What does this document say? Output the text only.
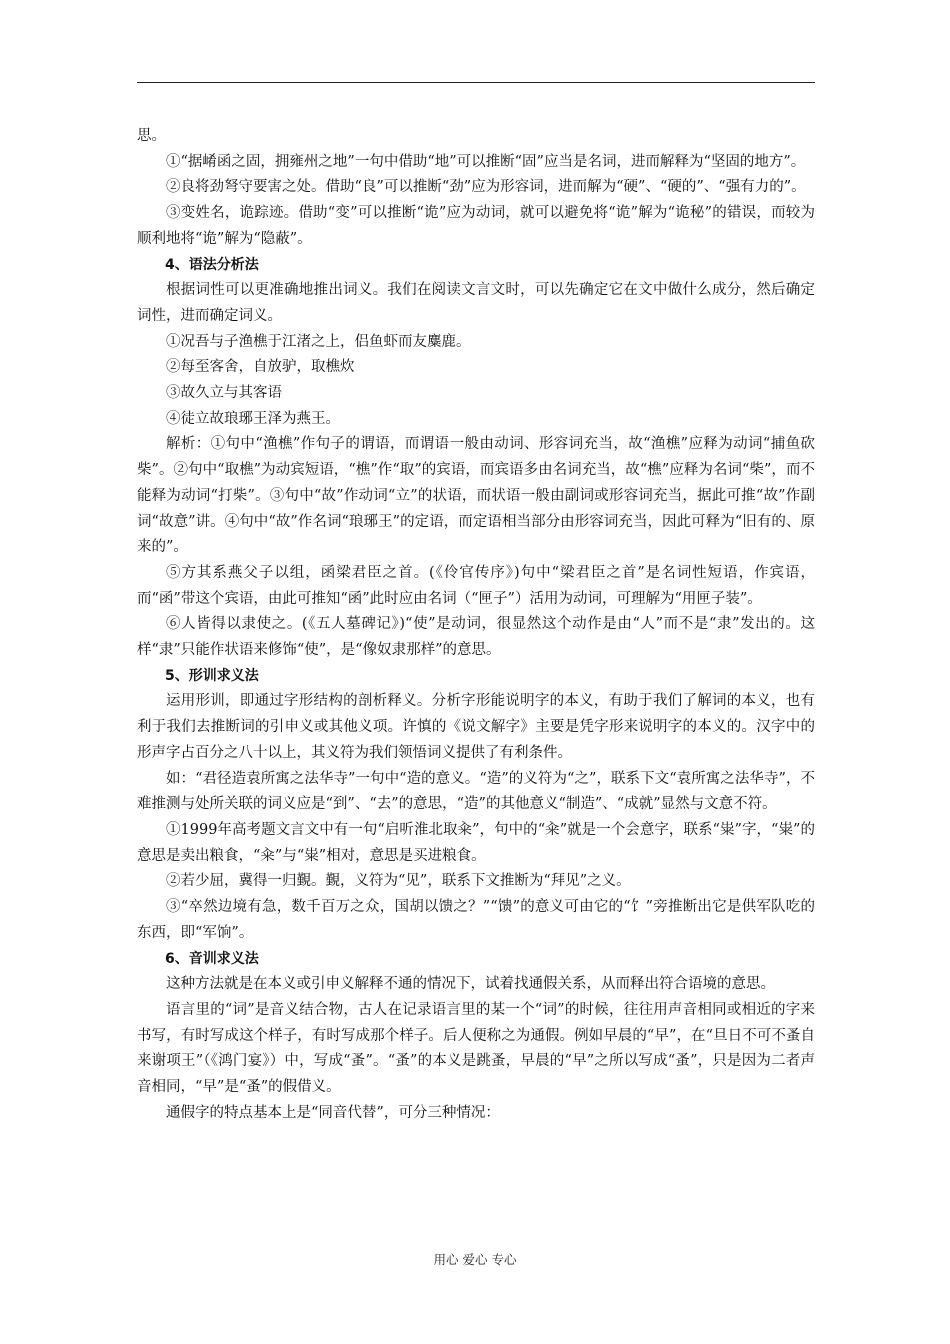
思。

①“据崤函之固，拥雍州之地”一句中借助“地”可以推断“固”应当是名词，进而解释为“坚固的地方”。

②良将劲弩守要害之处。借助“良”可以推断“劲”应为形容词，进而解为“硬”、“硬的”、“强有力的”。

③变姓名，诡踪迹。借助“变”可以推断“诡”应为动词，就可以避免将“诡”解为“诡秘”的错误，而较为顺利地将“诡”解为“隐蔽”。

4、语法分析法

根据词性可以更准确地推出词义。我们在阅读文言文时，可以先确定它在文中做什么成分，然后确定词性，进而确定词义。

①况吾与子渔樵于江渚之上，侣鱼虾而友麋鹿。

②每至客舍，自放驴，取樵炊

③故久立与其客语

④徒立故琅琊王泽为燕王。

解析：①句中“渔樵”作句子的谓语，而谓语一般由动词、形容词充当，故“渔樵”应释为动词“捕鱼砍柴”。②句中“取樵”为动宾短语，“樵”作“取”的宾语，而宾语多由名词充当，故“樵”应释为名词“柴”，而不能释为动词“打柴”。③句中“故”作动词“立”的状语，而状语一般由副词或形容词充当，据此可推“故”作副词“故意”讲。④句中“故”作名词“琅琊王”的定语，而定语相当部分由形容词充当，因此可释为“旧有的、原来的”。

⑤方其系燕父子以组，函梁君臣之首。(《伶官传序》)句中“梁君臣之首”是名词性短语，作宾语，而“函”带这个宾语，由此可推知“函”此时应由名词（“匣子”）活用为动词，可理解为“用匣子装”。

⑥人皆得以隶使之。(《五人墓碑记》)“使”是动词，很显然这个动作是由“人”而不是“隶”发出的。这样“隶”只能作状语来修饰“使”，是“像奴隶那样”的意思。

5、形训求义法

运用形训，即通过字形结构的剖析释义。分析字形能说明字的本义，有助于我们了解词的本义，也有利于我们去推断词的引申义或其他义项。许慎的《说文解字》主要是凭字形来说明字的本义的。汉字中的形声字占百分之八十以上，其义符为我们领悟词义提供了有利条件。

如：“君径造袁所寓之法华寺”一句中“造的意义。“造”的义符为“之”，联系下文“袁所寓之法华寺”，不难推测与处所关联的词义应是“到”、“去”的意思，“造”的其他意义“制造”、“成就”显然与文意不符。

①1999年高考题文言文中有一句“启听淮北取籴”，句中的“籴”就是一个会意字，联系“粜”字，“粜”的意思是卖出粮食，“籴”与“粜”相对，意思是买进粮食。

②若少屈，冀得一归覲。覲，义符为“见”，联系下文推断为“拜见”之义。

③“卒然边境有急，数千百万之众，国胡以馈之？”“馈”的意义可由它的“饣”旁推断出它是供军队吃的东西，即“军饷”。

6、音训求义法

这种方法就是在本义或引申义解释不通的情况下，试着找通假关系，从而释出符合语境的意思。

语言里的“词”是音义结合物，古人在记录语言里的某一个“词”的时候，往往用声音相同或相近的字来书写，有时写成这个样子，有时写成那个样子。后人便称之为通假。例如早晨的“早”，在“旦日不可不蚤自来谢项王”（《鸿门宴》）中，写成“蚤”。“蚤”的本义是跳蚤，早晨的“早”之所以写成“蚤”，只是因为二者声音相同，“早”是“蚤”的假借义。

通假字的特点基本上是“同音代替”，可分三种情况：

用心 爱心 专心
